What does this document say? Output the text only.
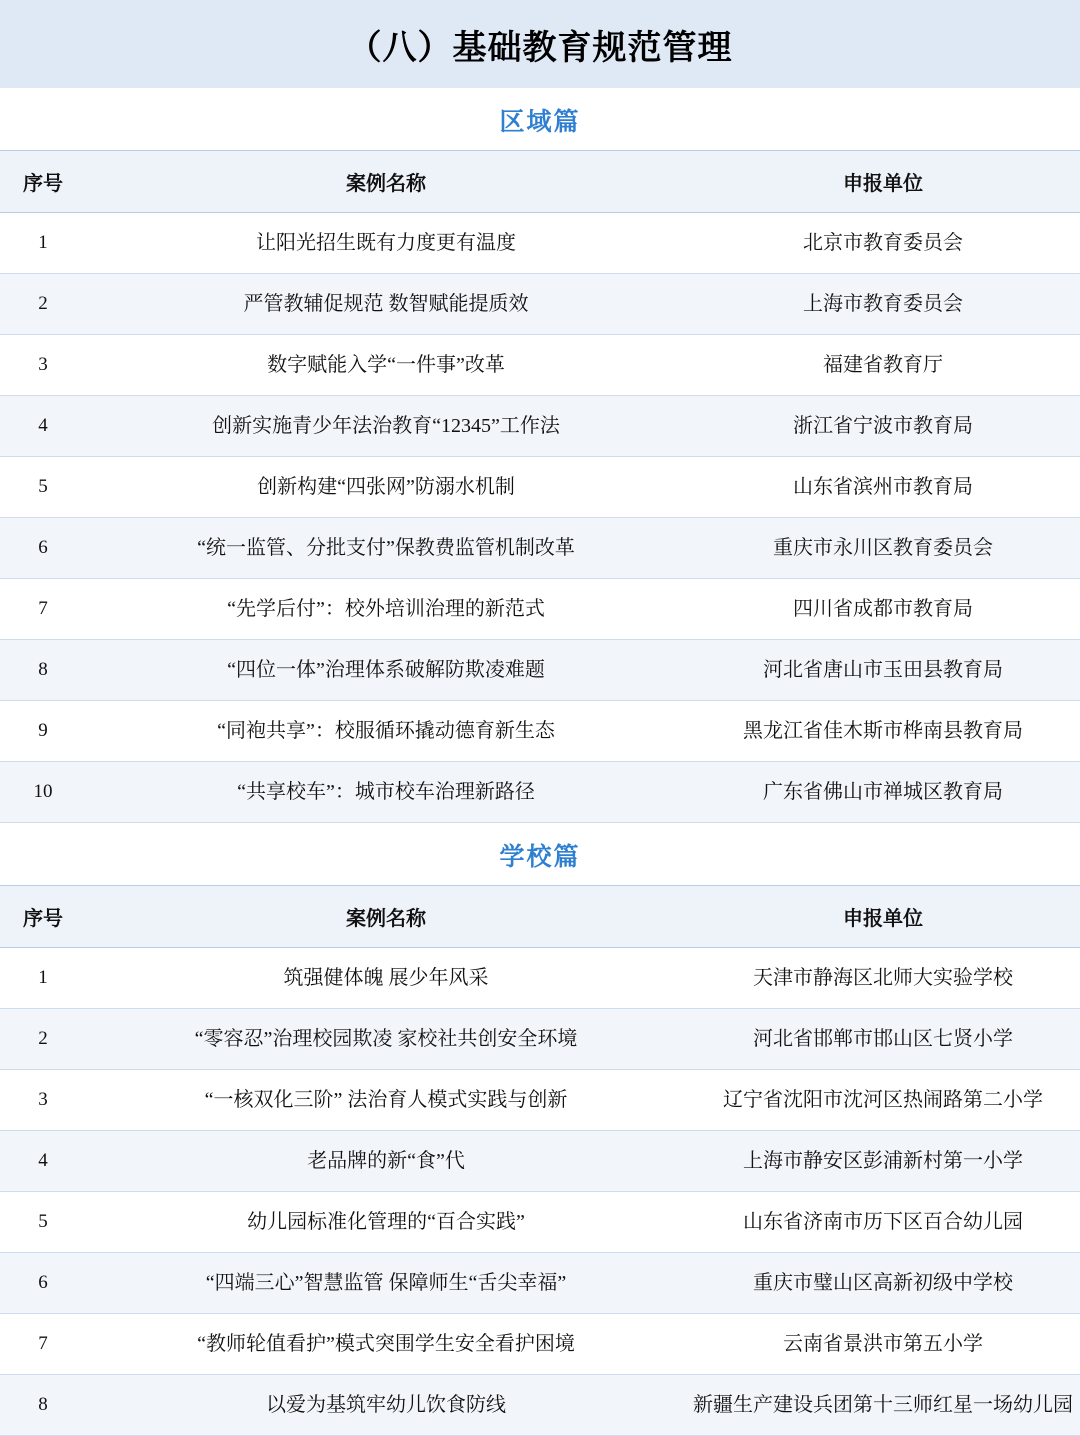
（八）基础教育规范管理
区域篇
序号	案例名称	申报单位
1	让阳光招生既有力度更有温度	北京市教育委员会
2	严管教辅促规范 数智赋能提质效	上海市教育委员会
3	数字赋能入学“一件事”改革	福建省教育厅
4	创新实施青少年法治教育“12345”工作法	浙江省宁波市教育局
5	创新构建“四张网”防溺水机制	山东省滨州市教育局
6	“统一监管、分批支付”保教费监管机制改革	重庆市永川区教育委员会
7	“先学后付”：校外培训治理的新范式	四川省成都市教育局
8	“四位一体”治理体系破解防欺凌难题	河北省唐山市玉田县教育局
9	“同袍共享”：校服循环撬动德育新生态	黑龙江省佳木斯市桦南县教育局
10	“共享校车”：城市校车治理新路径	广东省佛山市禅城区教育局
学校篇
序号	案例名称	申报单位
1	筑强健体魄 展少年风采	天津市静海区北师大实验学校
2	“零容忍”治理校园欺凌 家校社共创安全环境	河北省邯郸市邯山区七贤小学
3	“一核双化三阶” 法治育人模式实践与创新	辽宁省沈阳市沈河区热闹路第二小学
4	老品牌的新“食”代	上海市静安区彭浦新村第一小学
5	幼儿园标准化管理的“百合实践”	山东省济南市历下区百合幼儿园
6	“四端三心”智慧监管 保障师生“舌尖幸福”	重庆市璧山区高新初级中学校
7	“教师轮值看护”模式突围学生安全看护困境	云南省景洪市第五小学
8	以爱为基筑牢幼儿饮食防线	新疆生产建设兵团第十三师红星一场幼儿园
